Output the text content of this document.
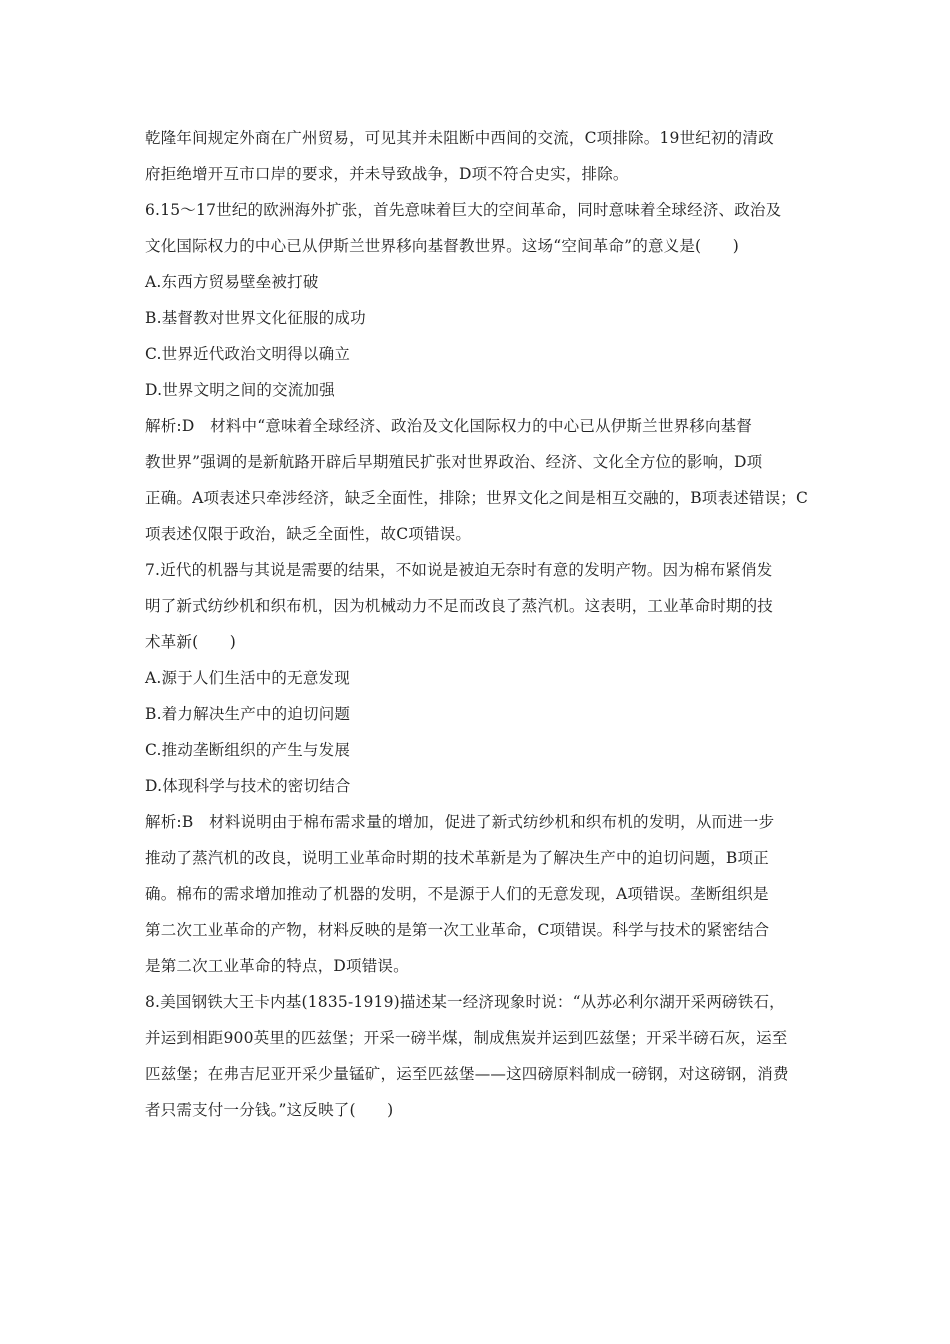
乾隆年间规定外商在广州贸易，可见其并未阻断中西间的交流，C项排除。19世纪初的清政
府拒绝增开互市口岸的要求，并未导致战争，D项不符合史实，排除。
6.15～17世纪的欧洲海外扩张，首先意味着巨大的空间革命，同时意味着全球经济、政治及
文化国际权力的中心已从伊斯兰世界移向基督教世界。这场“空间革命”的意义是(　　)
A.东西方贸易壁垒被打破
B.基督教对世界文化征服的成功
C.世界近代政治文明得以确立
D.世界文明之间的交流加强
解析:D　材料中“意味着全球经济、政治及文化国际权力的中心已从伊斯兰世界移向基督
教世界”强调的是新航路开辟后早期殖民扩张对世界政治、经济、文化全方位的影响，D项
正确。A项表述只牵涉经济，缺乏全面性，排除；世界文化之间是相互交融的，B项表述错误；C
项表述仅限于政治，缺乏全面性，故C项错误。
7.近代的机器与其说是需要的结果，不如说是被迫无奈时有意的发明产物。因为棉布紧俏发
明了新式纺纱机和织布机，因为机械动力不足而改良了蒸汽机。这表明，工业革命时期的技
术革新(　　)
A.源于人们生活中的无意发现
B.着力解决生产中的迫切问题
C.推动垄断组织的产生与发展
D.体现科学与技术的密切结合
解析:B　材料说明由于棉布需求量的增加，促进了新式纺纱机和织布机的发明，从而进一步
推动了蒸汽机的改良，说明工业革命时期的技术革新是为了解决生产中的迫切问题，B项正
确。棉布的需求增加推动了机器的发明，不是源于人们的无意发现，A项错误。垄断组织是
第二次工业革命的产物，材料反映的是第一次工业革命，C项错误。科学与技术的紧密结合
是第二次工业革命的特点，D项错误。
8.美国钢铁大王卡内基(1835-1919)描述某一经济现象时说：“从苏必利尔湖开采两磅铁石，
并运到相距900英里的匹兹堡；开采一磅半煤，制成焦炭并运到匹兹堡；开采半磅石灰，运至
匹兹堡；在弗吉尼亚开采少量锰矿，运至匹兹堡——这四磅原料制成一磅钢，对这磅钢，消费
者只需支付一分钱。”这反映了(　　)
